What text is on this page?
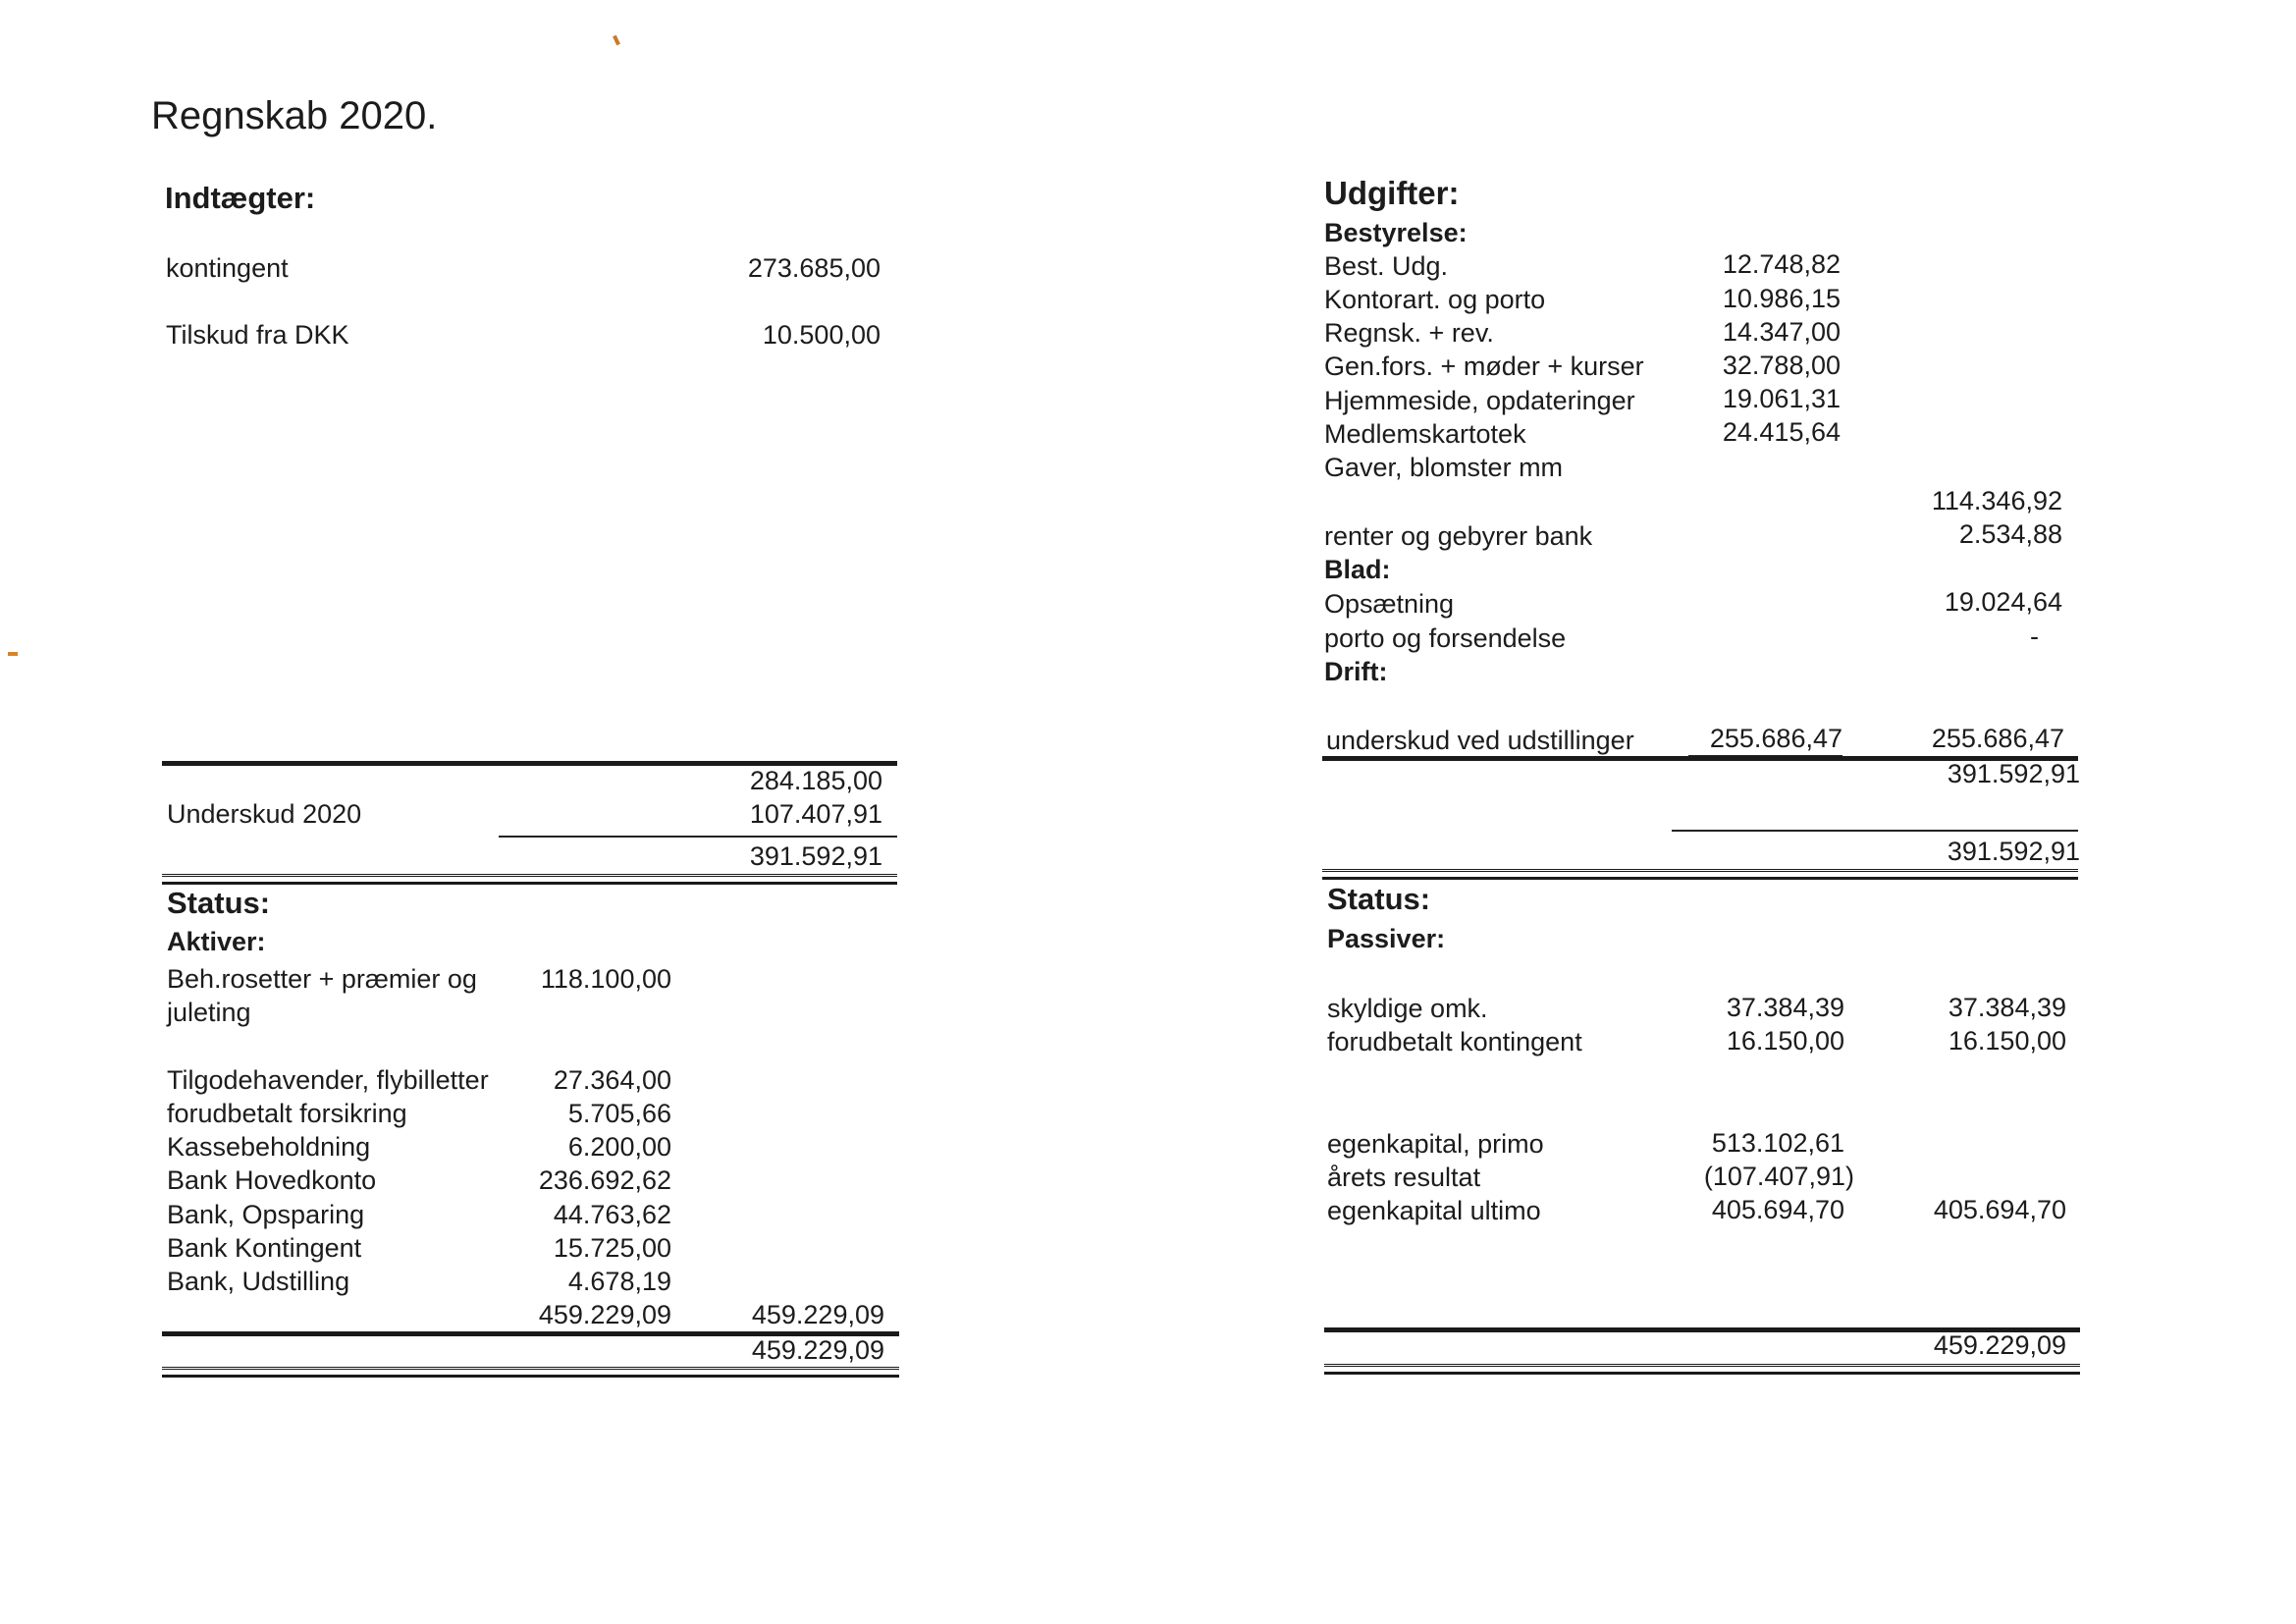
Regnskab 2020.
Indtægter:
kontingent	273.685,00
Tilskud fra DKK	10.500,00
284.185,00
Underskud 2020	107.407,91
391.592,91
Status:
Aktiver:
Beh.rosetter + præmier og
juleting
118.100,00
Tilgodehavender, flybilletter 27.364,00
forudbetalt forsikring	5.705,66
Kassebeholdning	6.200,00
Bank Hovedkonto	236.692,62
Bank, Opsparing	44.763,62
Bank Kontingent	15.725,00
Bank, Udstilling	4.678,19
459.229,09	459.229,09
459.229,09
Udgifter:
Bestyrelse:
Best. Udg.	12.748,82
Kontorart. og porto	10.986,15
Regnsk. + rev.	14.347,00
Gen.fors. + møder + kurser	32.788,00
Hjemmeside, opdateringer	19.061,31
Medlemskartotek	24.415,64
Gaver, blomster mm
114.346,92
renter og gebyrer bank	2.534,88
Blad:
Opsætning	19.024,64
porto og forsendelse	-
Drift:
underskud ved udstillinger	255.686,47	255.686,47
391.592,91
391.592,91
Status:
Passiver:
skyldige omk.	37.384,39	37.384,39
forudbetalt kontingent	16.150,00	16.150,00
egenkapital, primo	513.102,61
årets resultat	(107.407,91)
egenkapital ultimo	405.694,70	405.694,70
459.229,09
